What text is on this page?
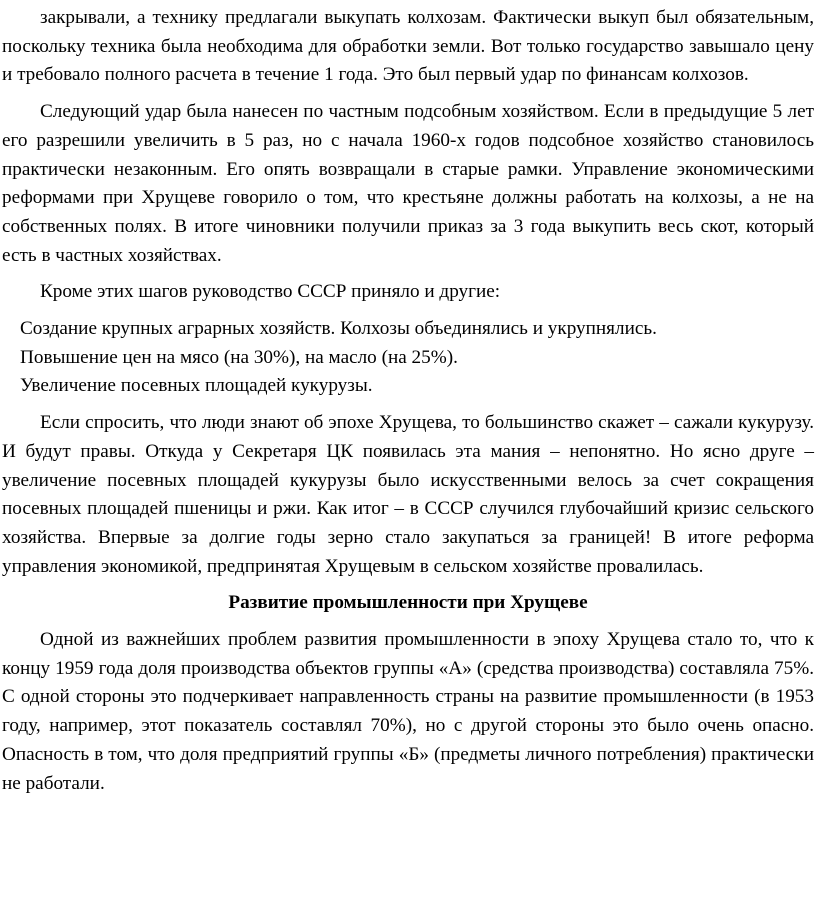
закрывали, а технику предлагали выкупать колхозам. Фактически выкуп был обязательным, поскольку техника была необходима для обработки земли. Вот только государство завышало цену и требовало полного расчета в течение 1 года. Это был первый удар по финансам колхозов.

Следующий удар была нанесен по частным подсобным хозяйством. Если в предыдущие 5 лет его разрешили увеличить в 5 раз, но с начала 1960-х годов подсобное хозяйство становилось практически незаконным. Его опять возвращали в старые рамки. Управление экономическими реформами при Хрущеве говорило о том, что крестьяне должны работать на колхозы, а не на собственных полях. В итоге чиновники получили приказ за 3 года выкупить весь скот, который есть в частных хозяйствах.

Кроме этих шагов руководство СССР приняло и другие:

Создание крупных аграрных хозяйств. Колхозы объединялись и укрупнялись.
Повышение цен на мясо (на 30%), на масло (на 25%).
Увеличение посевных площадей кукурузы.

Если спросить, что люди знают об эпохе Хрущева, то большинство скажет – сажали кукурузу. И будут правы. Откуда у Секретаря ЦК появилась эта мания – непонятно. Но ясно друге – увеличение посевных площадей кукурузы было искусственными велось за счет сокращения посевных площадей пшеницы и ржи. Как итог – в СССР случился глубочайший кризис сельского хозяйства. Впервые за долгие годы зерно стало закупаться за границей! В итоге реформа управления экономикой, предпринятая Хрущевым в сельском хозяйстве провалилась.

Развитие промышленности при Хрущеве

Одной из важнейших проблем развития промышленности в эпоху Хрущева стало то, что к концу 1959 года доля производства объектов группы «А» (средства производства) составляла 75%. С одной стороны это подчеркивает направленность страны на развитие промышленности (в 1953 году, например, этот показатель составлял 70%), но с другой стороны это было очень опасно. Опасность в том, что доля предприятий группы «Б» (предметы личного потребления) практически не работали.
